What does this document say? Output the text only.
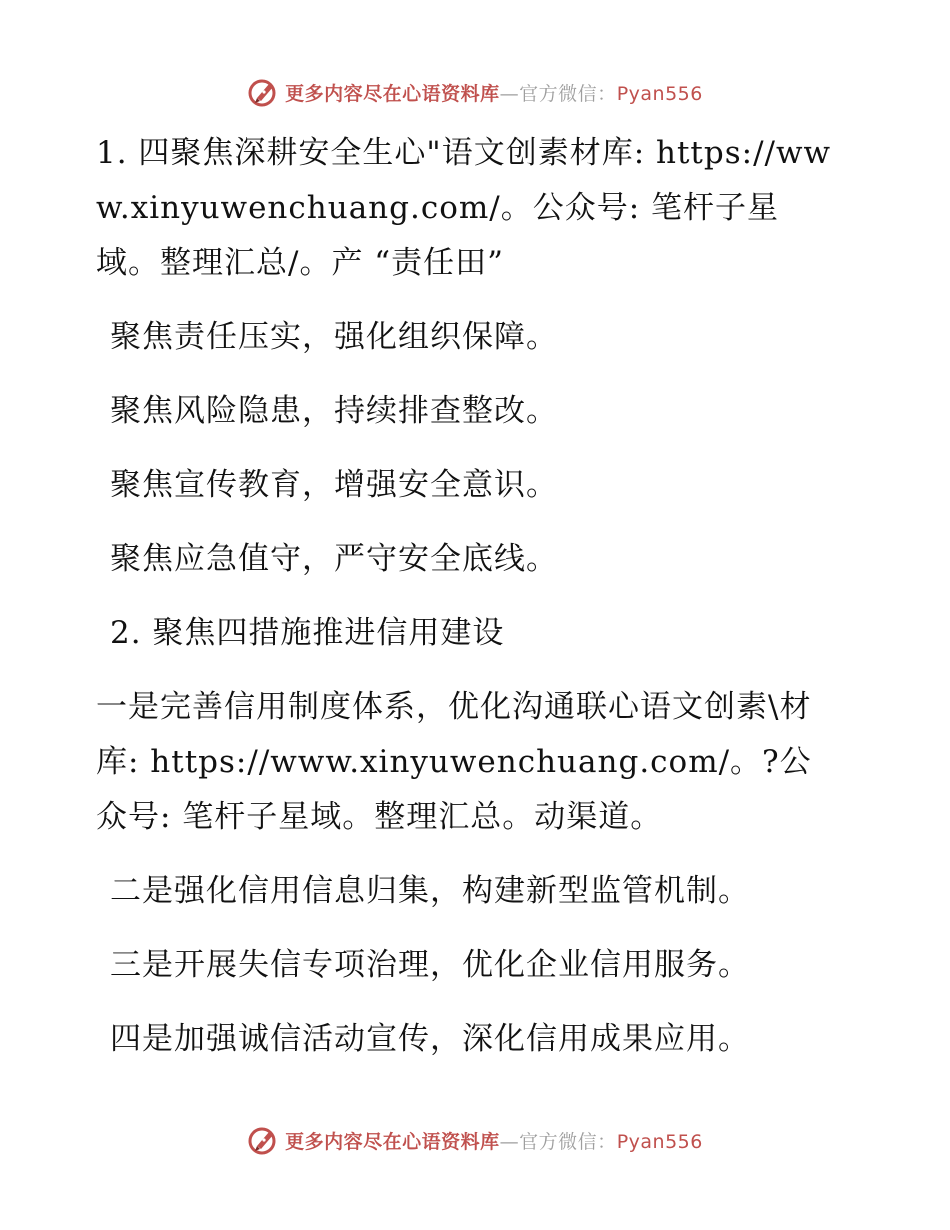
更多内容尽在心语资料库—官方微信：Pyan556

1. 四聚焦深耕安全生心"语文创素材库: https://www.xinyuwenchuang.com/。公众号: 笔杆子星域。整理汇总/。产 “责任田”

聚焦责任压实，强化组织保障。

聚焦风险隐患，持续排查整改。

聚焦宣传教育，增强安全意识。

聚焦应急值守，严守安全底线。

2. 聚焦四措施推进信用建设

一是完善信用制度体系，优化沟通联心语文创素\材库: https://www.xinyuwenchuang.com/。?公众号: 笔杆子星域。整理汇总。动渠道。

二是强化信用信息归集，构建新型监管机制。

三是开展失信专项治理，优化企业信用服务。

四是加强诚信活动宣传，深化信用成果应用。

更多内容尽在心语资料库—官方微信：Pyan556
